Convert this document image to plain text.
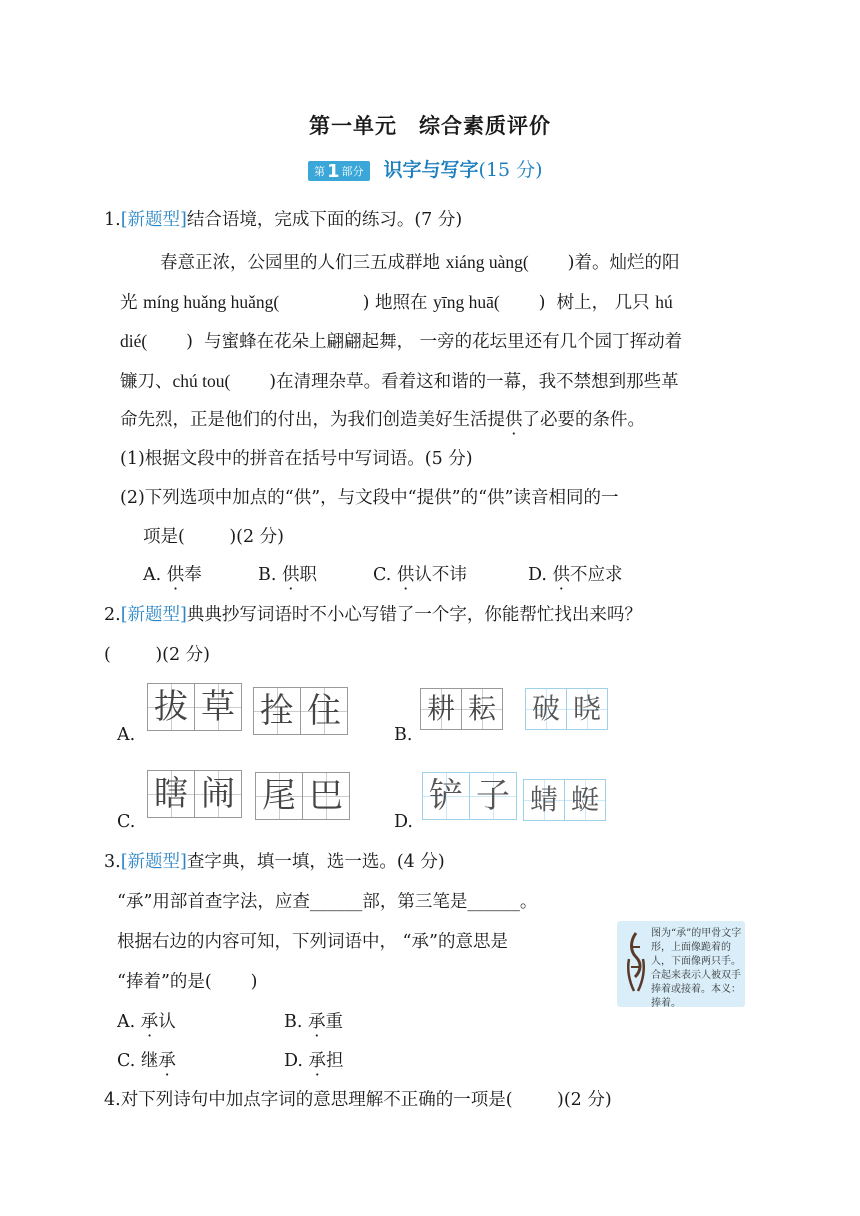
第一单元 综合素质评价
第 1 部分 识字与写字(15 分)
1.[新题型]结合语境，完成下面的练习。(7 分)
春意正浓，公园里的人们三五成群地 xiáng uàng(       )着。灿烂的阳
光 míng huǎng huǎng(               ) 地照在 yīng huā(       )  树上， 几只 hú
dié(       )  与蜜蜂在花朵上翩翩起舞， 一旁的花坛里还有几个园丁挥动着
镰刀、chú tou(       )在清理杂草。看着这和谐的一幕，我不禁想到那些革
命先烈，正是他们的付出，为我们创造美好生活提供了必要的条件。
(1)根据文段中的拼音在括号中写词语。(5 分)
(2)下列选项中加点的“供”，与文段中“提供”的“供”读音相同的一
项是(        )(2 分)
A. 供奉	B. 供职	C. 供认不讳	D. 供不应求
2.[新题型]典典抄写词语时不小心写错了一个字，你能帮忙找出来吗？
(        )(2 分)
A.
拔 草 拴 住
B.
耕 耘 破 晓
C.
瞎 闹 尾 巴
D.
铲 子 蜻 蜓
3.[新题型]查字典，填一填，选一选。(4 分)
“承”用部首查字法，应查______部，第三笔是______。
根据右边的内容可知，下列词语中， “承”的意思是
“捧着”的是(       )
图为“承”的甲骨文字形，上面像跪着的人，下面像两只手。合起来表示人被双手捧着或接着。本义：捧着。
A. 承认	B. 承重
C. 继承	D. 承担
4.对下列诗句中加点字词的意思理解不正确的一项是(        )(2 分)
